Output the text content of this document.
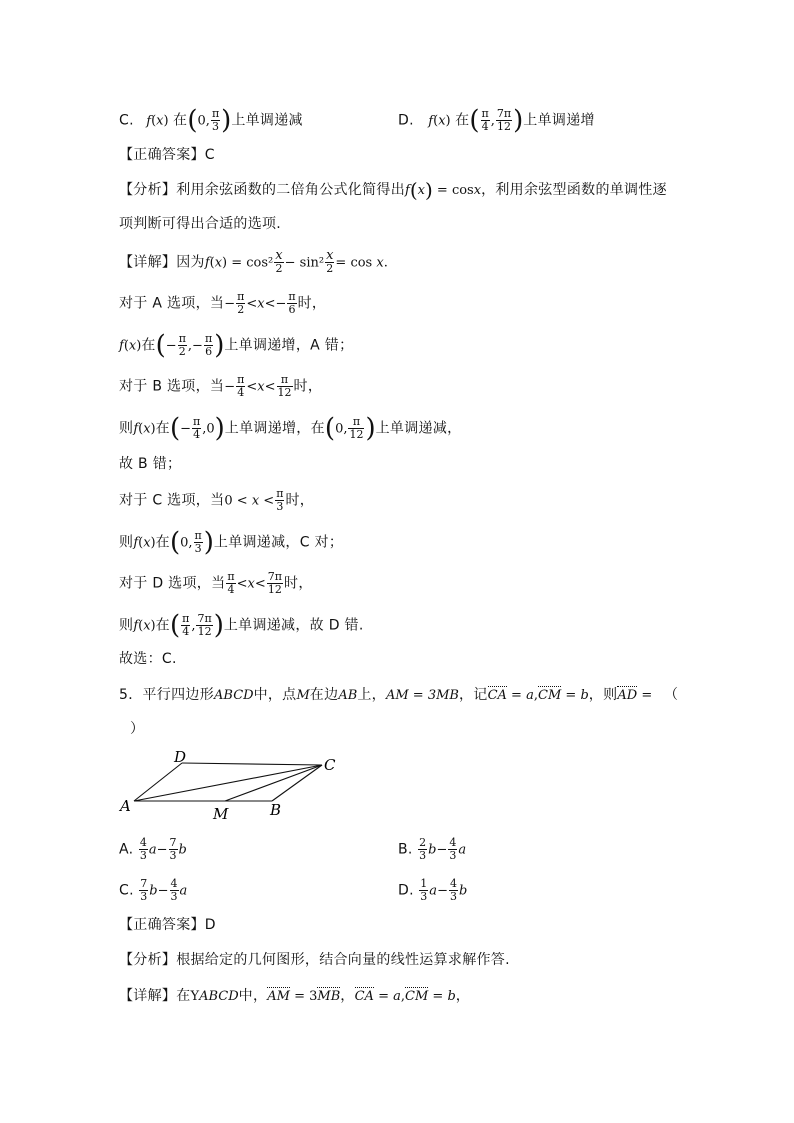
C. f(x) 在(0, $\frac{\pi}{3}$ )上单调递减	D. f(x) 在( $\frac{\pi}{4}$ , $\frac{7\pi}{12}$ )上单调递增
【正确答案】C
【分析】利用余弦函数的二倍角公式化简得出f(x) = cosx，利用余弦型函数的单调性逐
项判断可得出合适的选项.
【详解】因为$f(x) = \cos^2 \frac{x}{2} - \sin^2 \frac{x}{2} = \cos x$.
对于 A 选项，当− $\frac{\pi}{2} <x<- \frac{\pi}{6}$ 时，
f(x)在(− $\frac{\pi}{2}$ ,− $\frac{\pi}{6}$ )上单调递增，A 错；
对于 B 选项，当− $\frac{\pi}{4} <x< \frac{\pi}{12}$ 时，
则f(x)在(− $\frac{\pi}{4} ,0$)上单调递增，在(0, $\frac{\pi}{12}$ )上单调递减，
故 B 错；
对于 C 选项，当$0 < x < \frac{\pi}{3}$ 时，
则f(x)在(0, $\frac{\pi}{3}$ )上单调递减，C 对；
对于 D 选项，当 $\frac{\pi}{4} <x< \frac{7\pi}{12}$ 时，
则f(x)在( $\frac{\pi}{4}$ , $\frac{7\pi}{12}$ )上单调递减，故 D 错.
故选：C.
5．平行四边形ABCD中，点M在边AB上，AM = 3MB，记CA = a,CM = b，则AD = （
）
D	C
A	M	B
A. $\frac{4}{3} a- \frac{7}{3}$ b	B. $\frac{2}{3} b- \frac{4}{3}$ a
C. $\frac{7}{3} b- \frac{4}{3}$ a	D. $\frac{1}{3} a- \frac{4}{3}$ b
【正确答案】D
【分析】根据给定的几何图形，结合向量的线性运算求解作答.
【详解】在YABCD中，AM = 3MB，CA = a,CM = b，
